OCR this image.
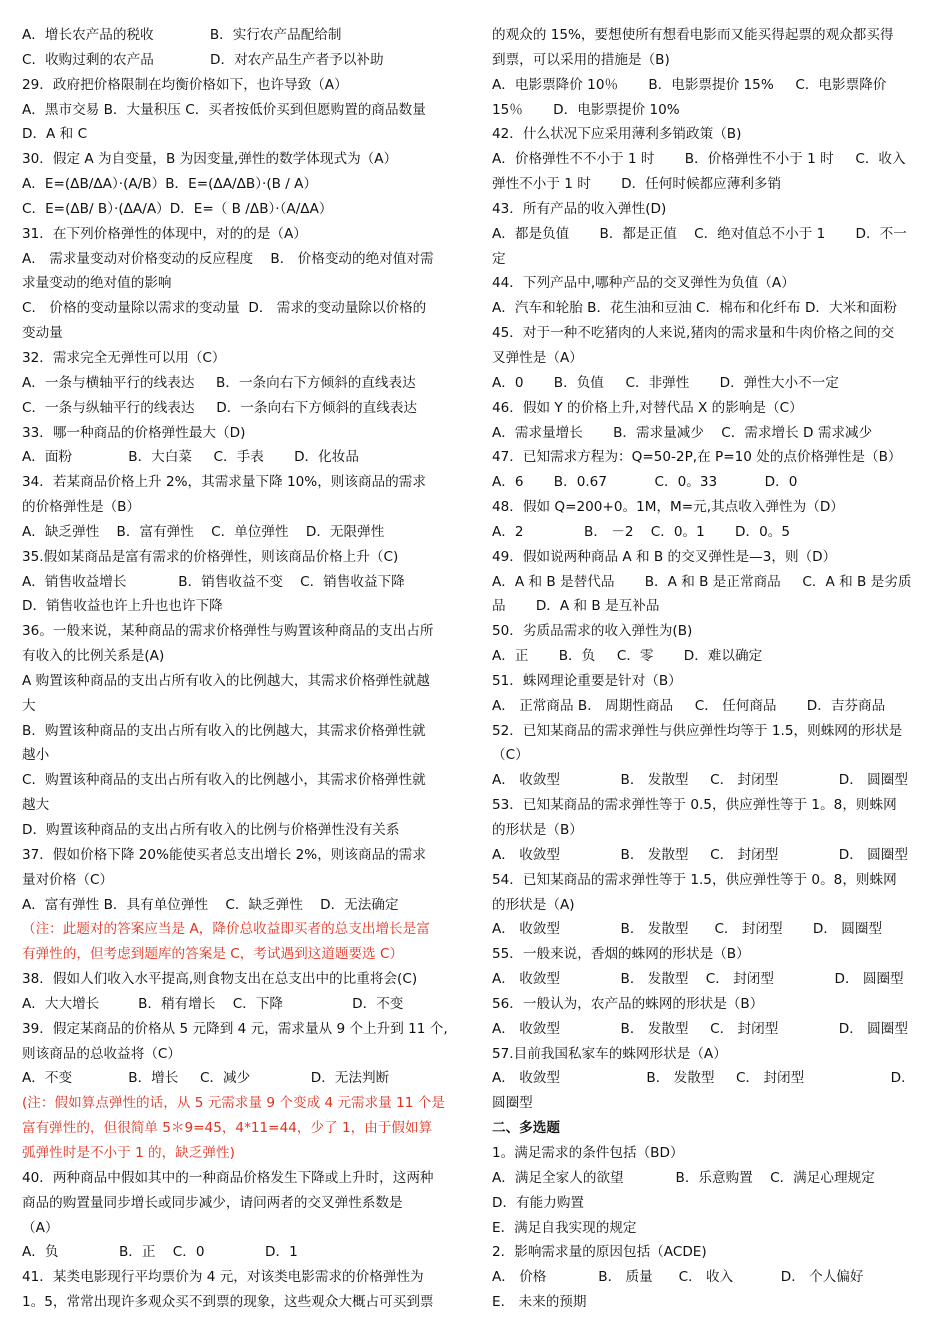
A．增长农产品的税收             B．实行农产品配给制
C．收购过剩的农产品             D．对农产品生产者予以补助
29．政府把价格限制在均衡价格如下，也许导致（A）
A．黑市交易 B．大量积压 C．买者按低价买到但愿购置的商品数量
D．A 和 C
30．假定 A 为自变量，B 为因变量,弹性的数学体现式为（A）
A．E=(ΔB/ΔA）·(A/B）B．E=(ΔA/ΔB）·(B / A）
C．E=(ΔB/ B）·(ΔA/A）D．E=（ B /ΔB）·（A/ΔA）
31．在下列价格弹性的体现中，对的的是（A）
A． 需求量变动对价格变动的反应程度    B． 价格变动的绝对值对需
求量变动的绝对值的影响
C． 价格的变动量除以需求的变动量  D． 需求的变动量除以价格的
变动量
32．需求完全无弹性可以用（C）
A．一条与横轴平行的线表达     B．一条向右下方倾斜的直线表达
C．一条与纵轴平行的线表达     D．一条向右下方倾斜的直线表达
33．哪一种商品的价格弹性最大（D)
A．面粉             B．大白菜     C．手表       D．化妆品
34．若某商品价格上升 2%，其需求量下降 10%，则该商品的需求
的价格弹性是（B）
A．缺乏弹性    B．富有弹性    C．单位弹性    D．无限弹性
35.假如某商品是富有需求的价格弹性，则该商品价格上升（C)
A．销售收益增长            B．销售收益不变    C．销售收益下降
D．销售收益也许上升也也许下降
36。一般来说，某种商品的需求价格弹性与购置该种商品的支出占所
有收入的比例关系是(A)
A 购置该种商品的支出占所有收入的比例越大，其需求价格弹性就越
大
B．购置该种商品的支出占所有收入的比例越大，其需求价格弹性就
越小
C．购置该种商品的支出占所有收入的比例越小，其需求价格弹性就
越大
D．购置该种商品的支出占所有收入的比例与价格弹性没有关系
37．假如价格下降 20%能使买者总支出增长 2%，则该商品的需求
量对价格（C）
A．富有弹性 B．具有单位弹性    C．缺乏弹性    D．无法确定
（注：此题对的答案应当是 A，降价总收益即买者的总支出增长是富
有弹性的，但考虑到题库的答案是 C，考试遇到这道题要选 C）
38．假如人们收入水平提高,则食物支出在总支出中的比重将会(C)
A．大大增长         B．稍有增长    C．下降                D．不变
39．假定某商品的价格从 5 元降到 4 元，需求量从 9 个上升到 11 个,
则该商品的总收益将（C）
A．不变             B．增长     C．减少              D．无法判断
(注：假如算点弹性的话，从 5 元需求量 9 个变成 4 元需求量 11 个是
富有弹性的，但很简单 5＊9=45，4*11=44，少了 1，由于假如算
弧弹性时是不小于 1 的，缺乏弹性)
40．两种商品中假如其中的一种商品价格发生下降或上升时，这两种
商品的购置量同步增长或同步减少，请问两者的交叉弹性系数是
（A）
A．负              B．正    C．0              D．1
41．某类电影现行平均票价为 4 元，对该类电影需求的价格弹性为
1。5，常常出现许多观众买不到票的现象，这些观众大概占可买到票
的观众的 15%，要想使所有想看电影而又能买得起票的观众都买得
到票，可以采用的措施是（B)
A．电影票降价 10％       B．电影票提价 15%     C．电影票降价
15％       D．电影票提价 10%
42．什么状况下应采用薄利多销政策（B)
A．价格弹性不不小于 1 时       B．价格弹性不小于 1 时     C．收入
弹性不小于 1 时       D．任何时候都应薄利多销
43．所有产品的收入弹性(D)
A．都是负值       B．都是正值    C．绝对值总不小于 1       D．不一
定
44．下列产品中,哪种产品的交叉弹性为负值（A）
A．汽车和轮胎 B．花生油和豆油 C．棉布和化纤布 D．大米和面粉
45．对于一种不吃猪肉的人来说,猪肉的需求量和牛肉价格之间的交
叉弹性是（A）
A．0       B．负值     C．非弹性       D．弹性大小不一定
46．假如 Y 的价格上升,对替代品 X 的影响是（C）
A．需求量增长       B．需求量减少    C．需求增长 D 需求减少
47．已知需求方程为：Q=50-2P,在 P=10 处的点价格弹性是（B）
A．6       B．0.67           C．0。33           D．0
48．假如 Q=200+0。1M，M=元,其点收入弹性为（D）
A．2              B． －2    C．0。1       D．0。5
49．假如说两种商品 A 和 B 的交叉弹性是—3，则（D）
A．A 和 B 是替代品       B．A 和 B 是正常商品     C．A 和 B 是劣质
品       D．A 和 B 是互补品
50．劣质品需求的收入弹性为(B)
A．正       B．负     C．零       D．难以确定
51．蛛网理论重要是针对（B）
A． 正常商品 B． 周期性商品     C． 任何商品       D．吉芬商品
52．已知某商品的需求弹性与供应弹性均等于 1.5，则蛛网的形状是
（C）
A． 收敛型              B． 发散型     C． 封闭型              D． 圆圈型
53．已知某商品的需求弹性等于 0.5，供应弹性等于 1。8，则蛛网
的形状是（B）
A． 收敛型              B． 发散型     C． 封闭型              D． 圆圈型
54．已知某商品的需求弹性等于 1.5，供应弹性等于 0。8，则蛛网
的形状是（A)
A． 收敛型              B． 发散型      C． 封闭型       D． 圆圈型
55．一般来说，香烟的蛛网的形状是（B）
A． 收敛型              B． 发散型    C． 封闭型              D． 圆圈型
56．一般认为，农产品的蛛网的形状是（B）
A． 收敛型              B． 发散型     C． 封闭型              D． 圆圈型
57.目前我国私家车的蛛网形状是（A）
A． 收敛型                    B． 发散型     C． 封闭型                    D．
圆圈型
二、多选题
1。满足需求的条件包括（BD）
A．满足全家人的欲望            B．乐意购置    C．满足心理规定
D．有能力购置
E．满足自我实现的规定
2．影响需求量的原因包括（ACDE)
A． 价格            B． 质量      C． 收入           D． 个人偏好
E． 未来的预期
